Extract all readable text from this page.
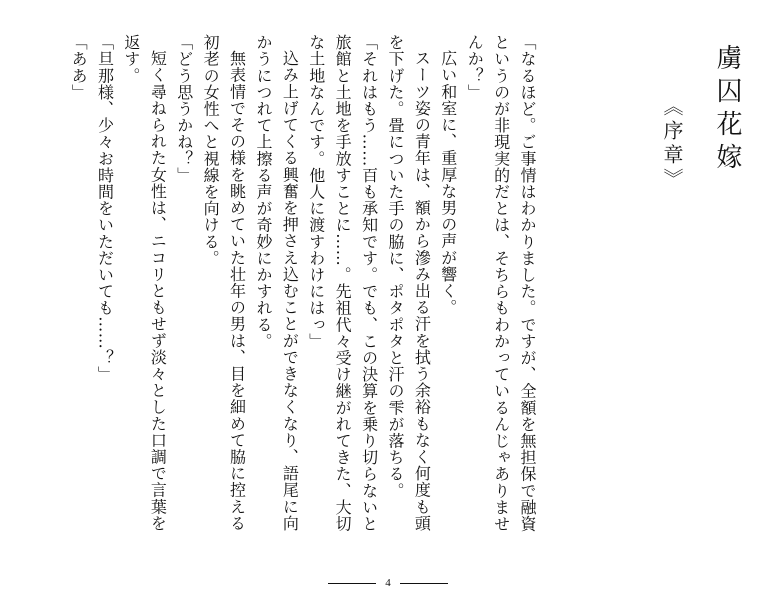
虜囚花嫁
《序章》
「なるほど。ご事情はわかりました。ですが、全額を無担保で融資
というのが非現実的だとは、そちらもわかっているんじゃありませ
んか？」
広い和室に、重厚な男の声が響く。
スーツ姿の青年は、額から滲み出る汗を拭う余裕もなく何度も頭
を下げた。畳についた手の脇に、ポタポタと汗の雫が落ちる。
「それはもう……百も承知です。でも、この決算を乗り切らないと
旅館と土地を手放すことに……。先祖代々受け継がれてきた、大切
な土地なんです。他人に渡すわけにはっ」
込み上げてくる興奮を押さえ込むことができなくなり、語尾に向
かうにつれて上擦る声が奇妙にかすれる。
無表情でその様を眺めていた壮年の男は、目を細めて脇に控える
初老の女性へと視線を向ける。
「どう思うかね？」
短く尋ねられた女性は、ニコリともせず淡々とした口調で言葉を
返す。
「旦那様、少々お時間をいただいても……？」
「ああ」
4
